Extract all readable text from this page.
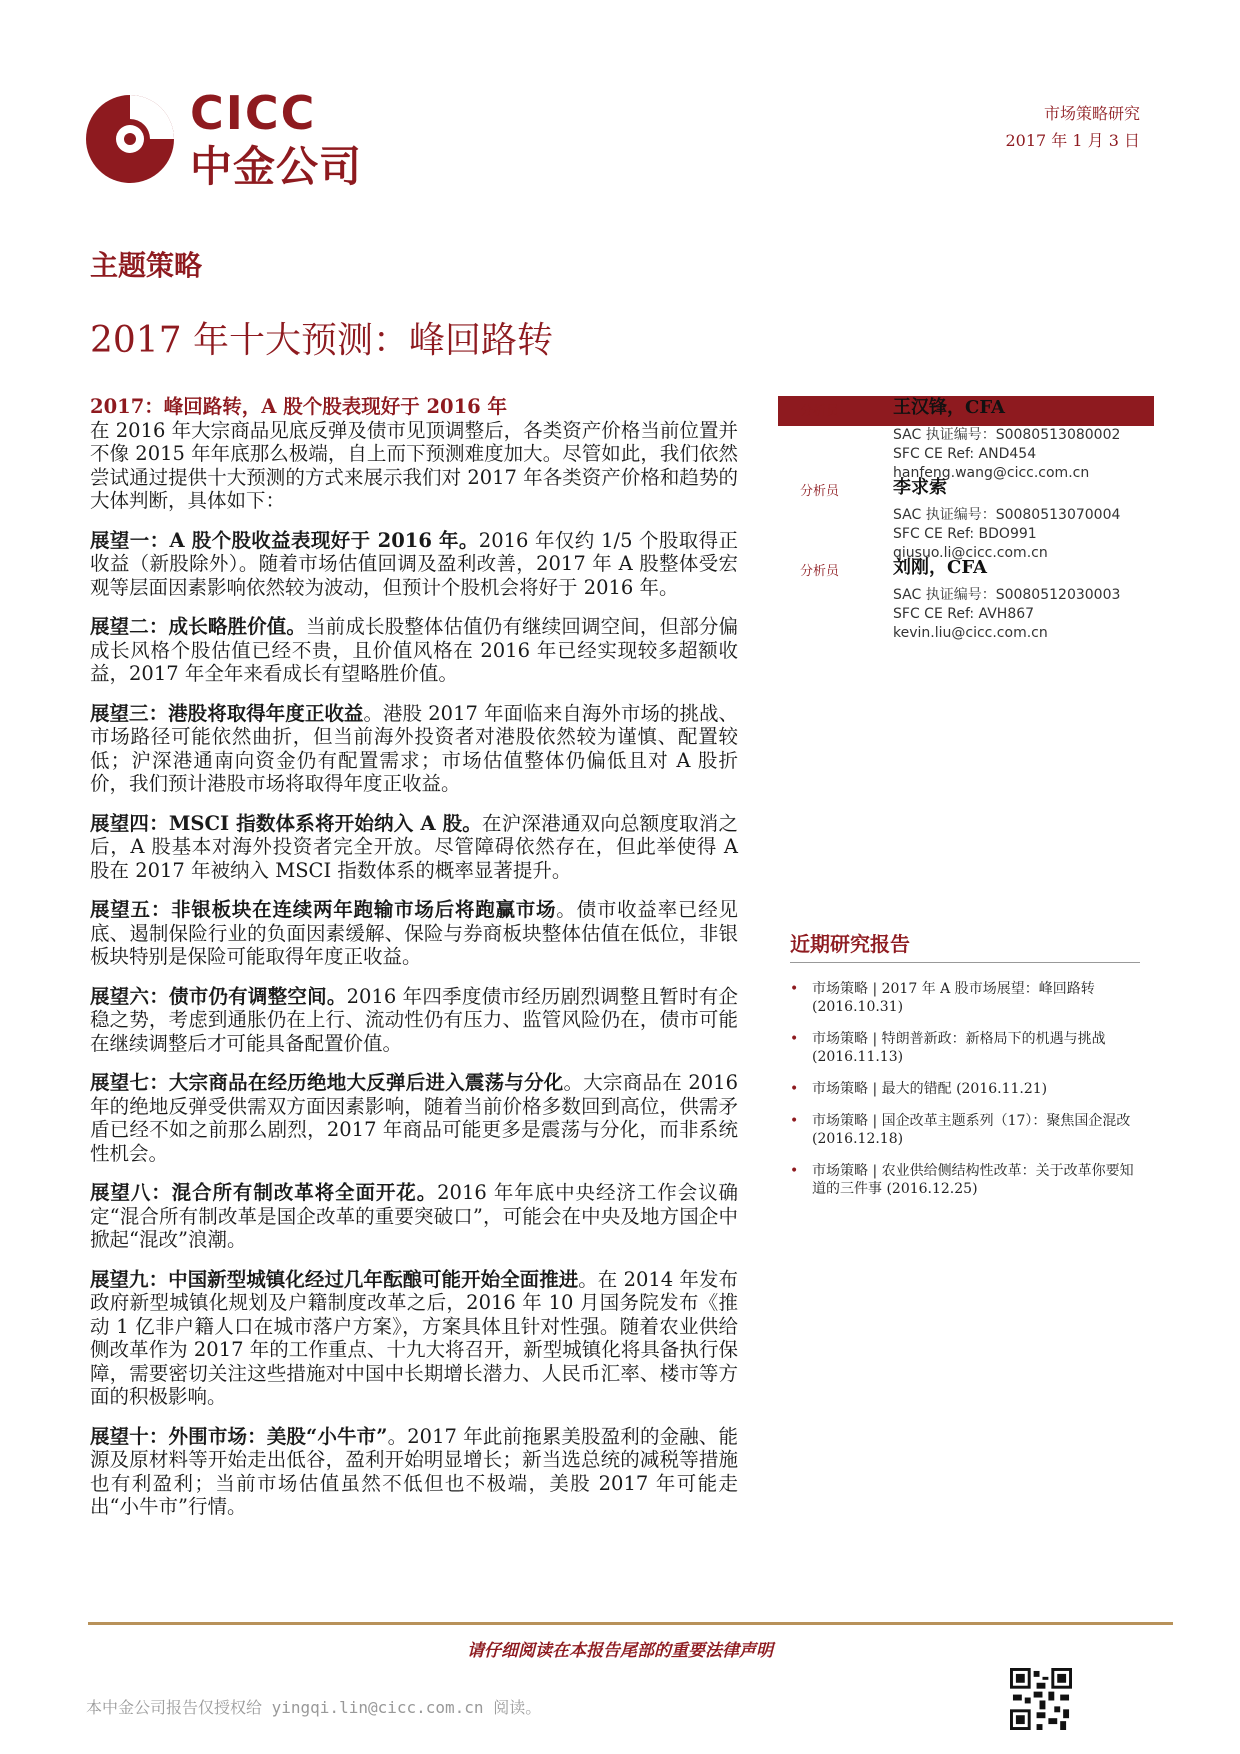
CICC
中金公司
市场策略研究
2017 年 1 月 3 日
主题策略
2017 年十大预测：峰回路转

2017：峰回路转，A 股个股表现好于 2016 年

在 2016 年大宗商品见底反弹及债市见顶调整后，各类资产价格当前位置并不像 2015 年年底那么极端，自上而下预测难度加大。尽管如此，我们依然尝试通过提供十大预测的方式来展示我们对 2017 年各类资产价格和趋势的大体判断，具体如下：

展望一：A 股个股收益表现好于 2016 年。2016 年仅约 1/5 个股取得正收益（新股除外）。随着市场估值回调及盈利改善，2017 年 A 股整体受宏观等层面因素影响依然较为波动，但预计个股机会将好于 2016 年。

展望二：成长略胜价值。当前成长股整体估值仍有继续回调空间，但部分偏成长风格个股估值已经不贵，且价值风格在 2016 年已经实现较多超额收益，2017 年全年来看成长有望略胜价值。

展望三：港股将取得年度正收益。港股 2017 年面临来自海外市场的挑战、市场路径可能依然曲折，但当前海外投资者对港股依然较为谨慎、配置较低；沪深港通南向资金仍有配置需求；市场估值整体仍偏低且对 A 股折价，我们预计港股市场将取得年度正收益。

展望四：MSCI 指数体系将开始纳入 A 股。在沪深港通双向总额度取消之后，A 股基本对海外投资者完全开放。尽管障碍依然存在，但此举使得 A 股在 2017 年被纳入 MSCI 指数体系的概率显著提升。

展望五：非银板块在连续两年跑输市场后将跑赢市场。债市收益率已经见底、遏制保险行业的负面因素缓解、保险与券商板块整体估值在低位，非银板块特别是保险可能取得年度正收益。

展望六：债市仍有调整空间。2016 年四季度债市经历剧烈调整且暂时有企稳之势，考虑到通胀仍在上行、流动性仍有压力、监管风险仍在，债市可能在继续调整后才可能具备配置价值。

展望七：大宗商品在经历绝地大反弹后进入震荡与分化。大宗商品在 2016 年的绝地反弹受供需双方面因素影响，随着当前价格多数回到高位，供需矛盾已经不如之前那么剧烈，2017 年商品可能更多是震荡与分化，而非系统性机会。

展望八：混合所有制改革将全面开花。2016 年年底中央经济工作会议确定“混合所有制改革是国企改革的重要突破口”，可能会在中央及地方国企中掀起“混改”浪潮。

展望九：中国新型城镇化经过几年酝酿可能开始全面推进。在 2014 年发布政府新型城镇化规划及户籍制度改革之后，2016 年 10 月国务院发布《推动 1 亿非户籍人口在城市落户方案》，方案具体且针对性强。随着农业供给侧改革作为 2017 年的工作重点、十九大将召开，新型城镇化将具备执行保障，需要密切关注这些措施对中国中长期增长潜力、人民币汇率、楼市等方面的积极影响。

展望十：外围市场：美股“小牛市”。2017 年此前拖累美股盈利的金融、能源及原材料等开始走出低谷，盈利开始明显增长；新当选总统的减税等措施也有利盈利；当前市场估值虽然不低但也不极端，美股 2017 年可能走出“小牛市”行情。

分析员	王汉锋，CFA
SAC 执证编号：S0080513080002
SFC CE Ref: AND454
hanfeng.wang@cicc.com.cn
分析员	李求索
SAC 执证编号：S0080513070004
SFC CE Ref: BDO991
qiusuo.li@cicc.com.cn
分析员	刘刚，CFA
SAC 执证编号：S0080512030003
SFC CE Ref: AVH867
kevin.liu@cicc.com.cn
近期研究报告
• 市场策略 | 2017 年 A 股市场展望：峰回路转 (2016.10.31)
• 市场策略 | 特朗普新政：新格局下的机遇与挑战 (2016.11.13)
• 市场策略 | 最大的错配 (2016.11.21)
• 市场策略 | 国企改革主题系列（17）：聚焦国企混改 (2016.12.18)
• 市场策略 | 农业供给侧结构性改革：关于改革你要知道的三件事 (2016.12.25)
请仔细阅读在本报告尾部的重要法律声明
本中金公司报告仅授权给 yingqi.lin@cicc.com.cn 阅读。
